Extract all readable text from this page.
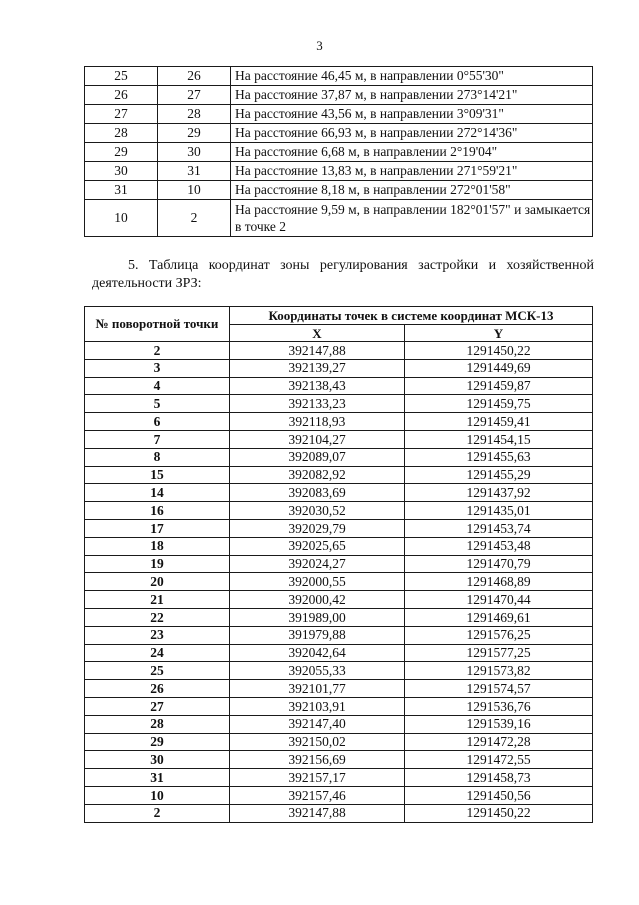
3
25	26	На расстояние 46,45 м, в направлении 0°55'30"
26	27	На расстояние 37,87 м, в направлении 273°14'21"
27	28	На расстояние 43,56 м, в направлении 3°09'31"
28	29	На расстояние 66,93 м, в направлении 272°14'36"
29	30	На расстояние 6,68 м, в направлении 2°19'04"
30	31	На расстояние 13,83 м, в направлении 271°59'21"
31	10	На расстояние 8,18 м, в направлении 272°01'58"
10	2	На расстояние 9,59 м, в направлении 182°01'57" и замыкается в точке 2
5. Таблица координат зоны регулирования застройки и хозяйственной
деятельности ЗРЗ:
№ поворотной точки	Координаты точек в системе координат МСК-13	
	X	Y
2	392147,88	1291450,22
3	392139,27	1291449,69
4	392138,43	1291459,87
5	392133,23	1291459,75
6	392118,93	1291459,41
7	392104,27	1291454,15
8	392089,07	1291455,63
15	392082,92	1291455,29
14	392083,69	1291437,92
16	392030,52	1291435,01
17	392029,79	1291453,74
18	392025,65	1291453,48
19	392024,27	1291470,79
20	392000,55	1291468,89
21	392000,42	1291470,44
22	391989,00	1291469,61
23	391979,88	1291576,25
24	392042,64	1291577,25
25	392055,33	1291573,82
26	392101,77	1291574,57
27	392103,91	1291536,76
28	392147,40	1291539,16
29	392150,02	1291472,28
30	392156,69	1291472,55
31	392157,17	1291458,73
10	392157,46	1291450,56
2	392147,88	1291450,22
